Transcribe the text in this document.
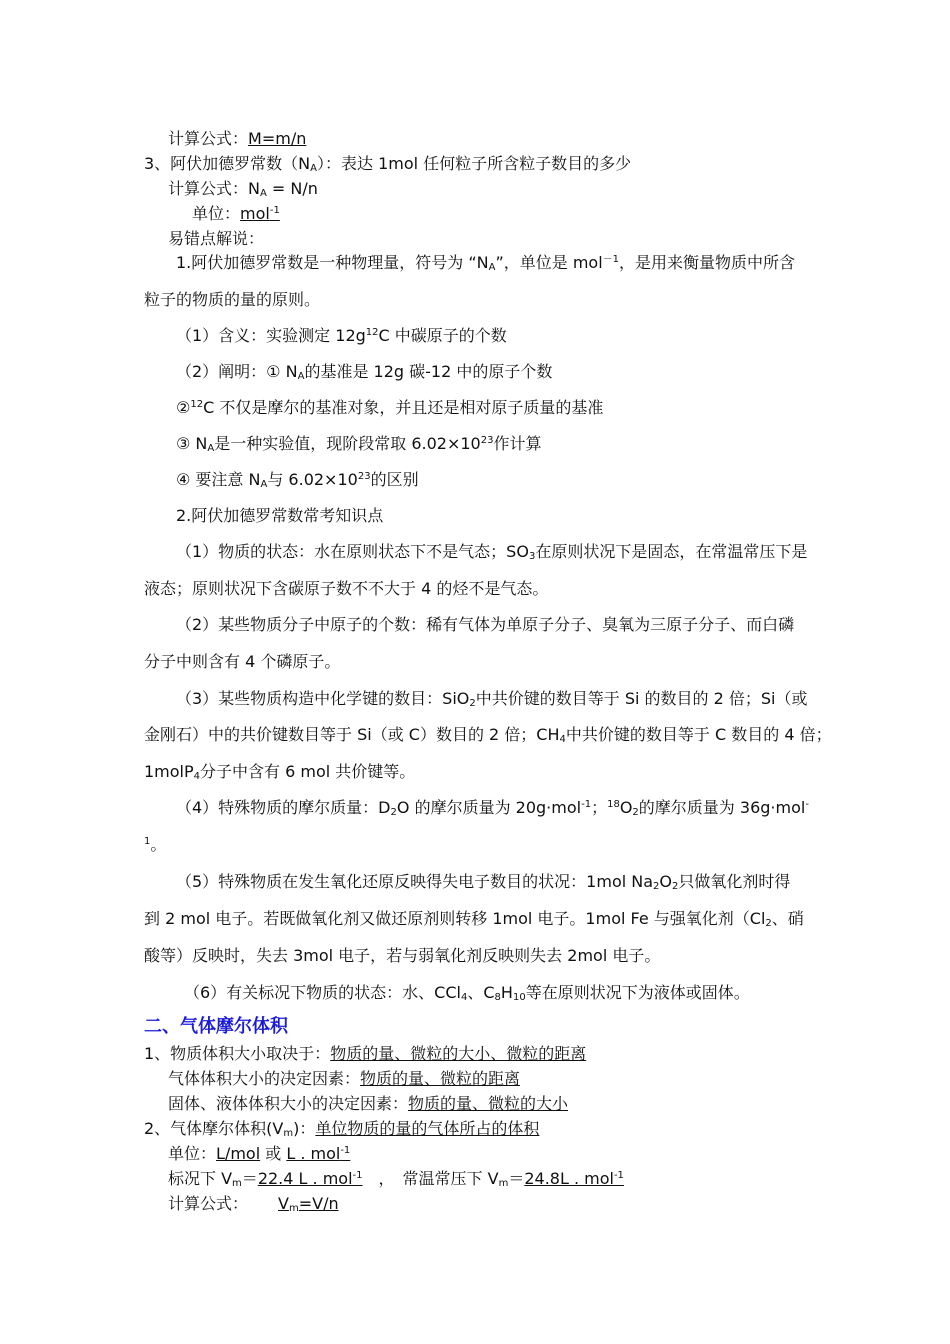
计算公式：M=m/n
3、阿伏加德罗常数$(N_A)$：表达 1mol 任何粒子所含粒子数目的多少
计算公式：$N_A = N/n$
单位：mol$^{-1}$
易错点解说：
1.阿伏加德罗常数是一种物理量，符号为 “$N_A$”，单位是 mol$^{-1}$，是用来衡量物质中所含
粒子的物质的量的原则。
（1）含义：实验测定 $12g^{12}C$ 中碳原子的个数
（2）阐明：① $N_A$的基准是 12g 碳-12 中的原子个数
②$^{12}$C 不仅是摩尔的基准对象，并且还是相对原子质量的基准
③ $N_A$是一种实验值，现阶段常取 $6.02\times 10^{23}$作计算
④ 要注意 $N_A$与 $6.02\times 10^{23}$的区别
2.阿伏加德罗常数常考知识点
（1）物质的状态：水在原则状态下不是气态；$SO_3$在原则状况下是固态，在常温常压下是
液态；原则状况下含碳原子数不不大于 4 的烃不是气态。
（2）某些物质分子中原子的个数：稀有气体为单原子分子、臭氧为三原子分子、而白磷
分子中则含有 4 个磷原子。
（3）某些物质构造中化学键的数目：SiO$_2$中共价键的数目等于 Si 的数目的 2 倍；Si（或
金刚石）中的共价键数目等于 Si（或 C）数目的 2 倍；$CH_4$中共价键的数目等于 C 数目的 4 倍；
1molP$_4$分子中含有 6 mol 共价键等。
（4）特殊物质的摩尔质量：$D_2O$ 的摩尔质量为 20g·mol$^{-1}$；$^{18}O_2$的摩尔质量为 36g·mol-
$^1$。
（5）特殊物质在发生氧化还原反映得失电子数目的状况：1mol $Na_2O_2$只做氧化剂时得
到 2 mol 电子。若既做氧化剂又做还原剂则转移 1mol 电子。1mol Fe 与强氧化剂（$Cl_2$、硝
酸等）反映时，失去 3mol 电子，若与弱氧化剂反映则失去 2mol 电子。
（6）有关标况下物质的状态：水、CCl$_4$、$C_8H_{10}$等在原则状况下为液体或固体。
二、气体摩尔体积
1、物质体积大小取决于：物质的量、微粒的大小、微粒的距离
气体体积大小的决定因素：物质的量、微粒的距离
固体、液体体积大小的决定因素：物质的量、微粒的大小
2、气体摩尔体积$(V_m)$：单位物质的量的气体所占的体积
单位：L/mol 或 L . mol$^{-1}$
标况下 $V_m=22.4$ L . mol$^{-1}$　，　常温常压下 $V_m=24.8L$ . mol$^{-1}$
计算公式： $V_m=V/n$
